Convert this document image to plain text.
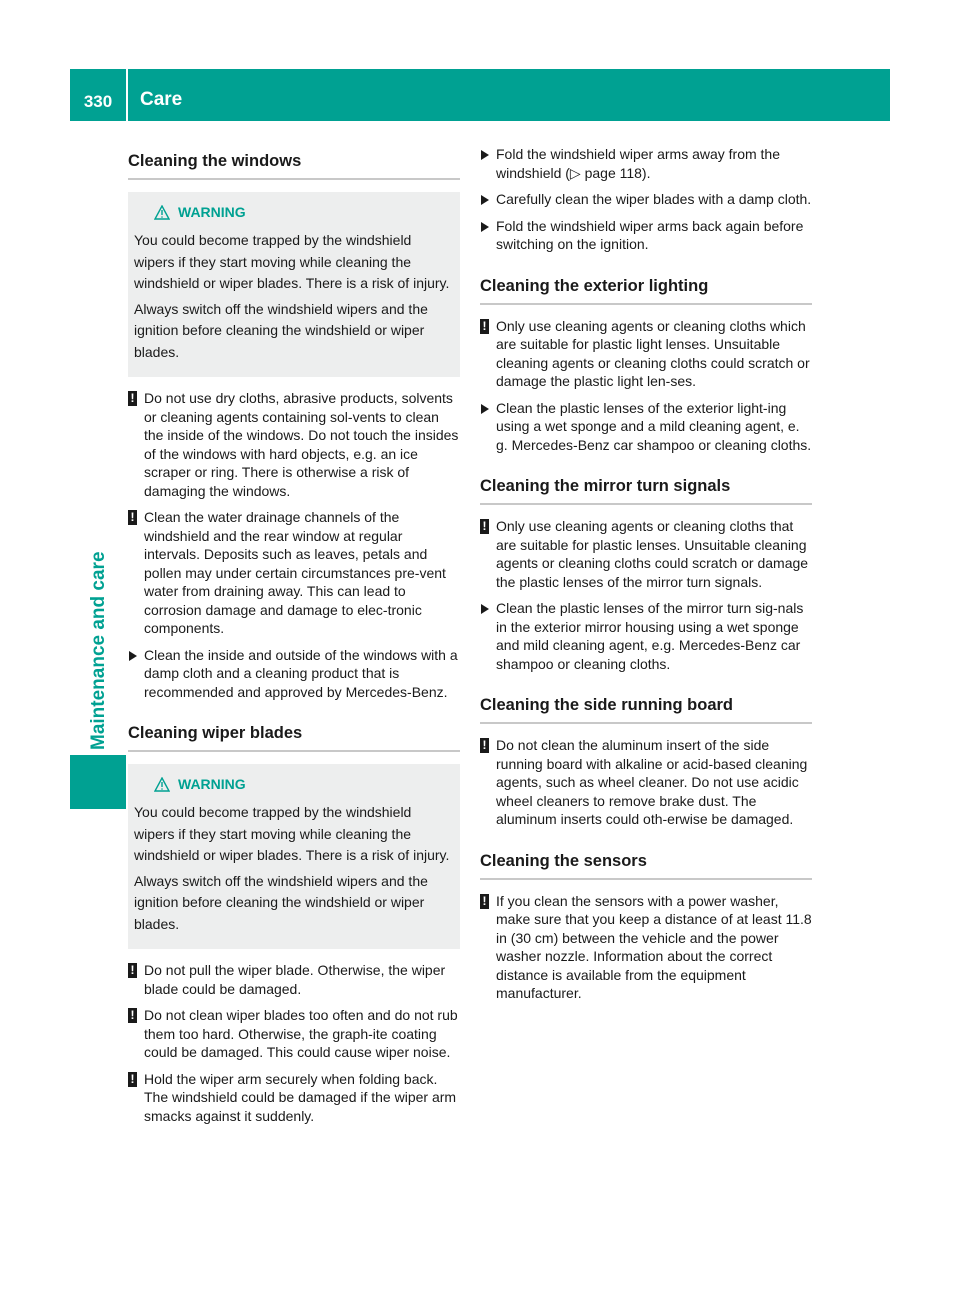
330	Care
Maintenance and care
Cleaning the windows
WARNING

You could become trapped by the windshield wipers if they start moving while cleaning the windshield or wiper blades. There is a risk of injury.

Always switch off the windshield wipers and the ignition before cleaning the windshield or wiper blades.

! Do not use dry cloths, abrasive products, solvents or cleaning agents containing sol-vents to clean the inside of the windows. Do not touch the insides of the windows with hard objects, e.g. an ice scraper or ring. There is otherwise a risk of damaging the windows.
! Clean the water drainage channels of the windshield and the rear window at regular intervals. Deposits such as leaves, petals and pollen may under certain circumstances pre-vent water from draining away. This can lead to corrosion damage and damage to elec-tronic components.
Clean the inside and outside of the windows with a damp cloth and a cleaning product that is recommended and approved by Mercedes-Benz.
Cleaning wiper blades
WARNING

You could become trapped by the windshield wipers if they start moving while cleaning the windshield or wiper blades. There is a risk of injury.

Always switch off the windshield wipers and the ignition before cleaning the windshield or wiper blades.

! Do not pull the wiper blade. Otherwise, the wiper blade could be damaged.
! Do not clean wiper blades too often and do not rub them too hard. Otherwise, the graph-ite coating could be damaged. This could cause wiper noise.
! Hold the wiper arm securely when folding back. The windshield could be damaged if the wiper arm smacks against it suddenly.
Fold the windshield wiper arms away from the windshield (▷ page 118).
Carefully clean the wiper blades with a damp cloth.
Fold the windshield wiper arms back again before switching on the ignition.
Cleaning the exterior lighting
! Only use cleaning agents or cleaning cloths which are suitable for plastic light lenses. Unsuitable cleaning agents or cleaning cloths could scratch or damage the plastic light len-ses.
Clean the plastic lenses of the exterior light-ing using a wet sponge and a mild cleaning agent, e. g. Mercedes-Benz car shampoo or cleaning cloths.
Cleaning the mirror turn signals
! Only use cleaning agents or cleaning cloths that are suitable for plastic lenses. Unsuitable cleaning agents or cleaning cloths could scratch or damage the plastic lenses of the mirror turn signals.
Clean the plastic lenses of the mirror turn sig-nals in the exterior mirror housing using a wet sponge and mild cleaning agent, e.g. Mercedes-Benz car shampoo or cleaning cloths.
Cleaning the side running board
! Do not clean the aluminum insert of the side running board with alkaline or acid-based cleaning agents, such as wheel cleaner. Do not use acidic wheel cleaners to remove brake dust. The aluminum inserts could oth-erwise be damaged.
Cleaning the sensors
! If you clean the sensors with a power washer, make sure that you keep a distance of at least 11.8 in (30 cm) between the vehicle and the power washer nozzle. Information about the correct distance is available from the equipment manufacturer.
